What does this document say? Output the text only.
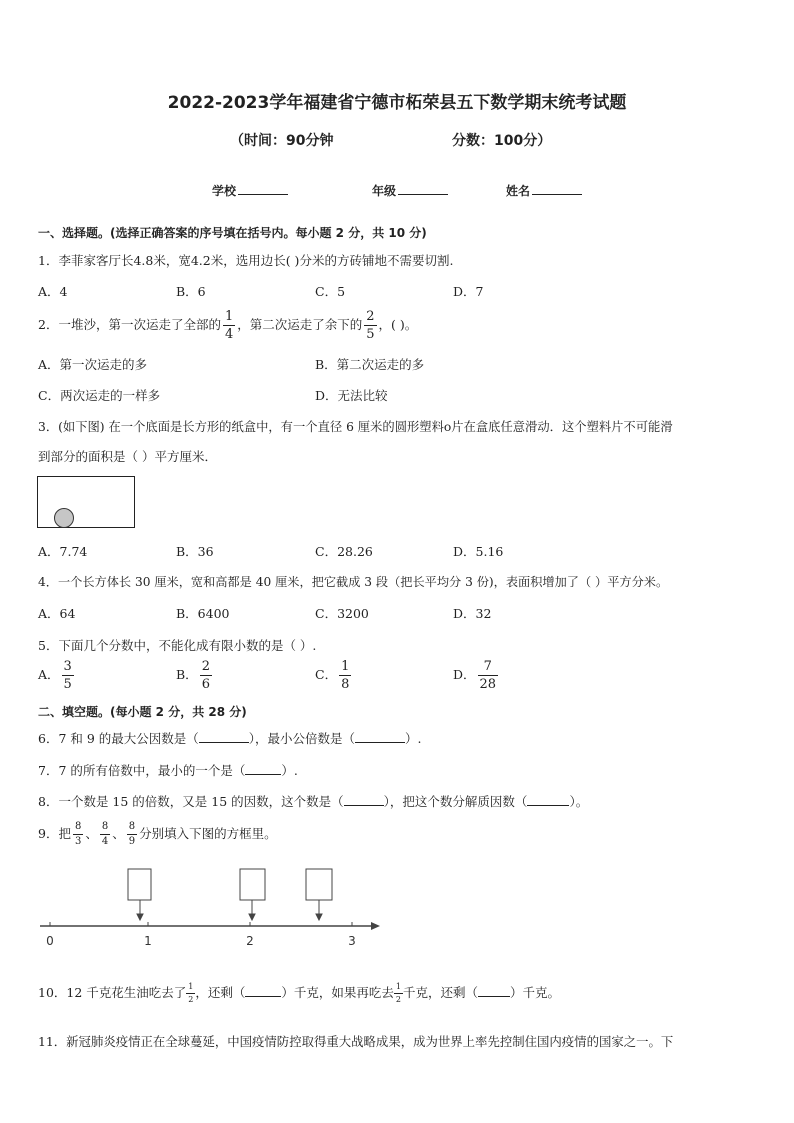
2022-2023学年福建省宁德市柘荣县五下数学期末统考试题
（时间：90分钟	分数：100分）
学校	年级	姓名
一、选择题。(选择正确答案的序号填在括号内。每小题 2 分，共 10 分)
1．李菲家客厅长4.8米，宽4.2米，选用边长( )分米的方砖铺地不需要切割.
A．4	B．6	C．5	D．7
2．一堆沙，第一次运走了全部的 $\frac{1}{4}$ ，第二次运走了余下的 $\frac{2}{5}$ ，( )。
A．第一次运走的多	B．第二次运走的多
C．两次运走的一样多	D．无法比较
3．(如下图) 在一个底面是长方形的纸盒中，有一个直径 6 厘米的圆形塑料o片在盒底任意滑动．这个塑料片不可能滑
到部分的面积是（ ）平方厘米．
A．7.74	B．36	C．28.26	D．5.16
4．一个长方体长 30 厘米，宽和高都是 40 厘米，把它截成 3 段（把长平均分 3 份)，表面积增加了（ ）平方分米。
A．64	B．6400	C．3200	D．32
5．下面几个分数中，不能化成有限小数的是（ ）.
A． $\frac{3}{5}$	B． $\frac{2}{6}$	C． $\frac{1}{8}$	D． $\frac{7}{28}$
二、填空题。(每小题 2 分，共 28 分)
6．7 和 9 的最大公因数是（	），最小公倍数是（	）.
7．7 的所有倍数中，最小的一个是（	）.
8．一个数是 15 的倍数，又是 15 的因数，这个数是（	），把这个数分解质因数（	）。
9．把 $\frac{8}{3}$ 、 $\frac{8}{4}$ 、 $\frac{8}{9}$ 分别填入下图的方框里。
0	1	2	3
10．12 千克花生油吃去了 $\frac{1}{2}$ ，还剩（	）千克，如果再吃去 $\frac{1}{2}$ 千克，还剩（	）千克。
11．新冠肺炎疫情正在全球蔓延，中国疫情防控取得重大战略成果，成为世界上率先控制住国内疫情的国家之一。下
